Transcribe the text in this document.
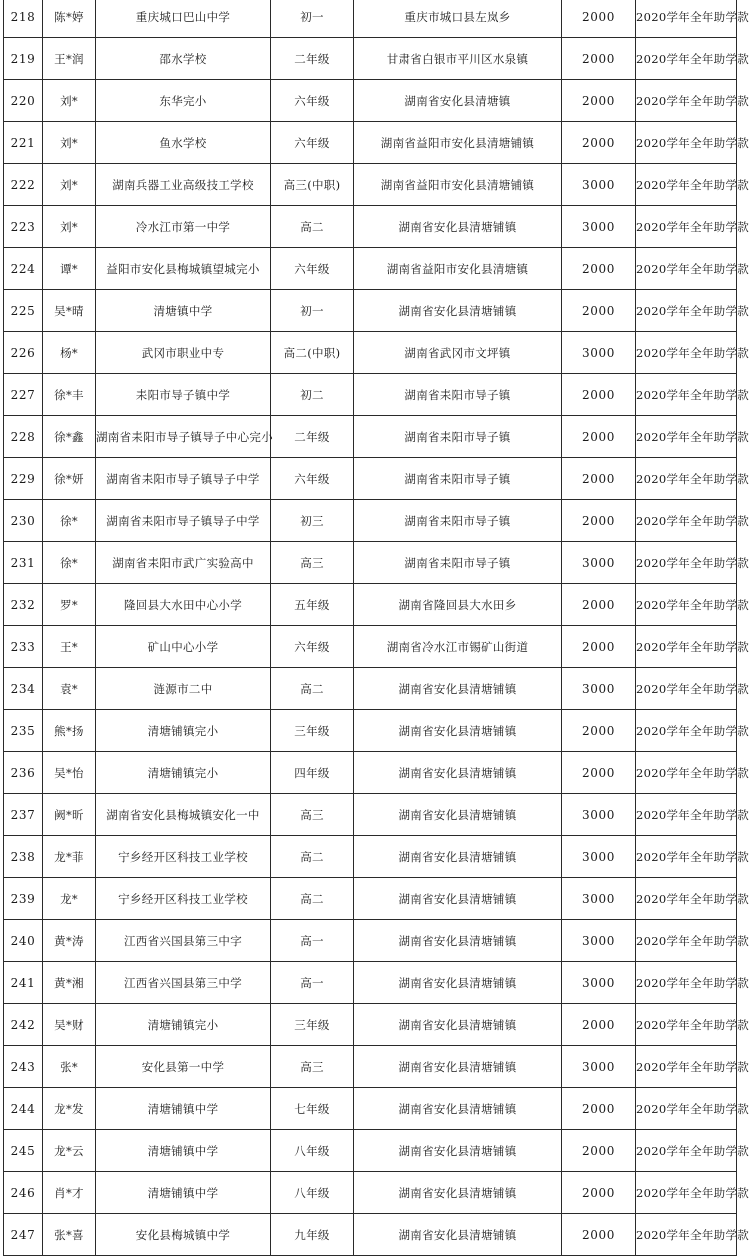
218	陈*婷	重庆城口巴山中学	初一	重庆市城口县左岚乡	2000	2020学年全年助学款
219	王*润	邵水学校	二年级	甘肃省白银市平川区水泉镇	2000	2020学年全年助学款
220	刘*	东华完小	六年级	湖南省安化县清塘镇	2000	2020学年全年助学款
221	刘*	鱼水学校	六年级	湖南省益阳市安化县清塘铺镇	2000	2020学年全年助学款
222	刘*	湖南兵器工业高级技工学校	高三(中职)	湖南省益阳市安化县清塘铺镇	3000	2020学年全年助学款
223	刘*	冷水江市第一中学	高二	湖南省安化县清塘铺镇	3000	2020学年全年助学款
224	谭*	益阳市安化县梅城镇望城完小	六年级	湖南省益阳市安化县清塘镇	2000	2020学年全年助学款
225	吴*晴	清塘镇中学	初一	湖南省安化县清塘铺镇	2000	2020学年全年助学款
226	杨*	武冈市职业中专	高二(中职)	湖南省武冈市文坪镇	3000	2020学年全年助学款
227	徐*丰	耒阳市导子镇中学	初二	湖南省耒阳市导子镇	2000	2020学年全年助学款
228	徐*鑫	湖南省耒阳市导子镇导子中心完小	二年级	湖南省耒阳市导子镇	2000	2020学年全年助学款
229	徐*妍	湖南省耒阳市导子镇导子中学	六年级	湖南省耒阳市导子镇	2000	2020学年全年助学款
230	徐*	湖南省耒阳市导子镇导子中学	初三	湖南省耒阳市导子镇	2000	2020学年全年助学款
231	徐*	湖南省耒阳市武广实验高中	高三	湖南省耒阳市导子镇	3000	2020学年全年助学款
232	罗*	隆回县大水田中心小学	五年级	湖南省隆回县大水田乡	2000	2020学年全年助学款
233	王*	矿山中心小学	六年级	湖南省冷水江市锡矿山街道	2000	2020学年全年助学款
234	袁*	涟源市二中	高二	湖南省安化县清塘铺镇	3000	2020学年全年助学款
235	熊*扬	清塘铺镇完小	三年级	湖南省安化县清塘铺镇	2000	2020学年全年助学款
236	吴*怡	清塘铺镇完小	四年级	湖南省安化县清塘铺镇	2000	2020学年全年助学款
237	阙*昕	湖南省安化县梅城镇安化一中	高三	湖南省安化县清塘铺镇	3000	2020学年全年助学款
238	龙*菲	宁乡经开区科技工业学校	高二	湖南省安化县清塘铺镇	3000	2020学年全年助学款
239	龙*	宁乡经开区科技工业学校	高二	湖南省安化县清塘铺镇	3000	2020学年全年助学款
240	黄*涛	江西省兴国县第三中字	高一	湖南省安化县清塘铺镇	3000	2020学年全年助学款
241	黄*湘	江西省兴国县第三中学	高一	湖南省安化县清塘铺镇	3000	2020学年全年助学款
242	吴*财	清塘铺镇完小	三年级	湖南省安化县清塘铺镇	2000	2020学年全年助学款
243	张*	安化县第一中学	高三	湖南省安化县清塘铺镇	3000	2020学年全年助学款
244	龙*发	清塘铺镇中学	七年级	湖南省安化县清塘铺镇	2000	2020学年全年助学款
245	龙*云	清塘铺镇中学	八年级	湖南省安化县清塘铺镇	2000	2020学年全年助学款
246	肖*才	清塘铺镇中学	八年级	湖南省安化县清塘铺镇	2000	2020学年全年助学款
247	张*喜	安化县梅城镇中学	九年级	湖南省安化县清塘铺镇	2000	2020学年全年助学款
